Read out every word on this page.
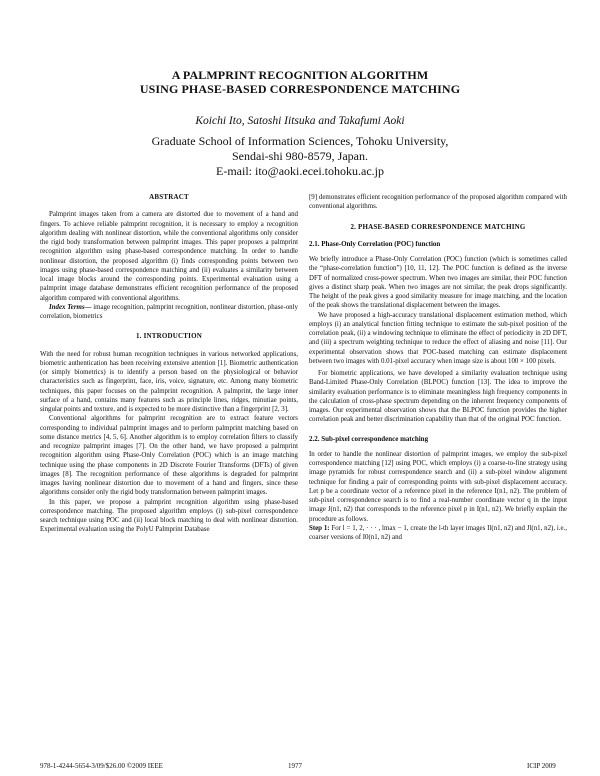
A PALMPRINT RECOGNITION ALGORITHM
USING PHASE-BASED CORRESPONDENCE MATCHING
Koichi Ito, Satoshi Iitsuka and Takafumi Aoki
Graduate School of Information Sciences, Tohoku University,
Sendai-shi 980-8579, Japan.
E-mail: ito@aoki.ecei.tohoku.ac.jp
ABSTRACT

Palmprint images taken from a camera are distorted due to movement of a hand and fingers. To achieve reliable palmprint recognition, it is necessary to employ a recognition algorithm dealing with nonlinear distortion, while the conventional algorithms only consider the rigid body transformation between palmprint images. This paper proposes a palmprint recognition algorithm using phase-based correspondence matching. In order to handle nonlinear distortion, the proposed algorithm (i) finds corresponding points between two images using phase-based correspondence matching and (ii) evaluates a similarity between local image blocks around the corresponding points. Experimental evaluation using a palmprint image database demonstrates efficient recognition performance of the proposed algorithm compared with conventional algorithms.

Index Terms— image recognition, palmprint recognition, nonlinear distortion, phase-only correlation, biometrics

1. INTRODUCTION

With the need for robust human recognition techniques in various networked applications, biometric authentication has been receiving extensive attention [1]. Biometric authentication (or simply biometrics) is to identify a person based on the physiological or behavior characteristics such as fingerprint, face, iris, voice, signature, etc. Among many biometric techniques, this paper focuses on the palmprint recognition. A palmprint, the large inner surface of a hand, contains many features such as principle lines, ridges, minutiae points, singular points and texture, and is expected to be more distinctive than a fingerprint [2, 3].

Conventional algorithms for palmprint recognition are to extract feature vectors corresponding to individual palmprint images and to perform palmprint matching based on some distance metrics [4, 5, 6]. Another algorithm is to employ correlation filters to classify and recognize palmprint images [7]. On the other hand, we have proposed a palmprint recognition algorithm using Phase-Only Correlation (POC) which is an image matching technique using the phase components in 2D Discrete Fourier Transforms (DFTs) of given images [8]. The recognition performance of these algorithms is degraded for palmprint images having nonlinear distortion due to movement of a hand and fingers, since these algorithms consider only the rigid body transformation between palmprint images.

In this paper, we propose a palmprint recognition algorithm using phase-based correspondence matching. The proposed algorithm employs (i) sub-pixel correspondence search technique using POC and (ii) local block matching to deal with nonlinear distortion. Experimental evaluation using the PolyU Palmprint Database

[9] demonstrates efficient recognition performance of the proposed algorithm compared with conventional algorithms.

2. PHASE-BASED CORRESPONDENCE MATCHING
2.1. Phase-Only Correlation (POC) function

We briefly introduce a Phase-Only Correlation (POC) function (which is sometimes called the “phase-correlation function”) [10, 11, 12]. The POC function is defined as the inverse DFT of normalized cross-power spectrum. When two images are similar, their POC function gives a distinct sharp peak. When two images are not similar, the peak drops significantly. The height of the peak gives a good similarity measure for image matching, and the location of the peak shows the translational displacement between the images.

We have proposed a high-accuracy translational displacement estimation method, which employs (i) an analytical function fitting technique to estimate the sub-pixel position of the correlation peak, (ii) a windowing technique to eliminate the effect of periodicity in 2D DFT, and (iii) a spectrum weighting technique to reduce the effect of aliasing and noise [11]. Our experimental observation shows that POC-based matching can estimate displacement between two images with 0.01-pixel accuracy when image size is about 100 × 100 pixels.

For biometric applications, we have developed a similarity evaluation technique using Band-Limited Phase-Only Correlation (BLPOC) function [13]. The idea to improve the similarity evaluation performance is to eliminate meaningless high frequency components in the calculation of cross-phase spectrum depending on the inherent frequency components of images. Our experimental observation shows that the BLPOC function provides the higher correlation peak and better discrimination capability than that of the original POC function.

2.2. Sub-pixel correspondence matching

In order to handle the nonlinear distortion of palmprint images, we employ the sub-pixel correspondence matching [12] using POC, which employs (i) a coarse-to-fine strategy using image pyramids for robust correspondence search and (ii) a sub-pixel window alignment technique for finding a pair of corresponding points with sub-pixel displacement accuracy. Let p be a coordinate vector of a reference pixel in the reference I(n1, n2). The problem of sub-pixel correspondence search is to find a real-number coordinate vector q in the input image J(n1, n2) that corresponds to the reference pixel p in I(n1, n2). We briefly explain the procedure as follows.

Step 1: For l = 1, 2, · · · , lmax − 1, create the l-th layer images Il(n1, n2) and Jl(n1, n2), i.e., coarser versions of I0(n1, n2) and

978-1-4244-5654-3/09/$26.00 ©2009 IEEE	1977	ICIP 2009
